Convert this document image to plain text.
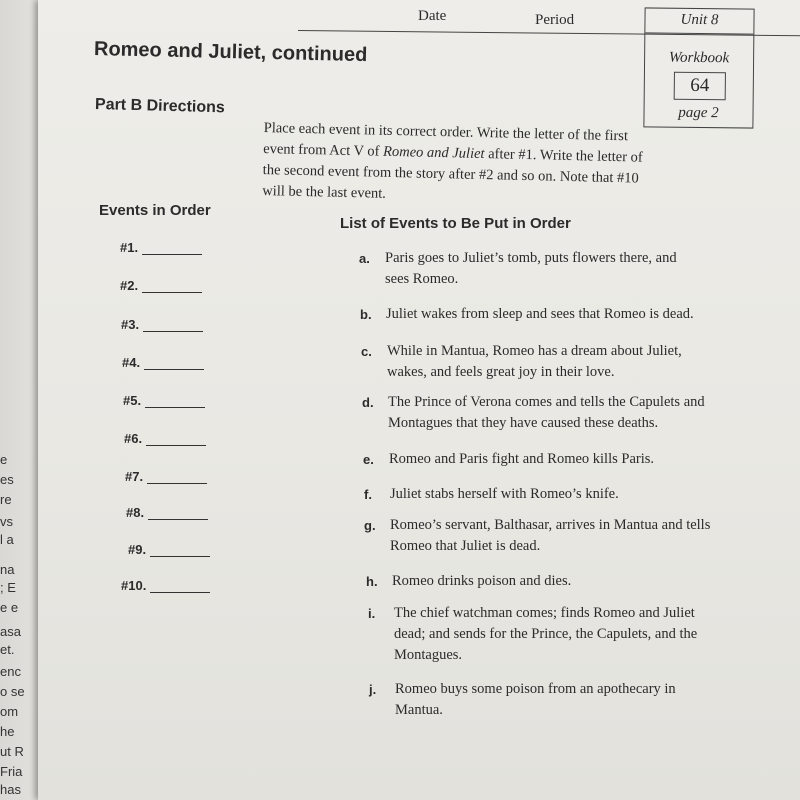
e
es
re
vs
l a
na
; E
e e
asa
et.
enc
o se
om
he
ut R
Fria
has
Date	Period	Unit 8
Workbook
64
page 2
Romeo and Juliet, continued
Part B Directions
Place each event in its correct order. Write the letter of the first event from Act V of Romeo and Juliet after #1. Write the letter of the second event from the story after #2 and so on. Note that #10 will be the last event.
Events in Order
#1.
#2.
#3.
#4.
#5.
#6.
#7.
#8.
#9.
#10.
List of Events to Be Put in Order
a.	Paris goes to Juliet’s tomb, puts flowers there, and sees Romeo.
b. Juliet wakes from sleep and sees that Romeo is dead.
c.	While in Mantua, Romeo has a dream about Juliet, wakes, and feels great joy in their love.
d. The Prince of Verona comes and tells the Capulets and Montagues that they have caused these deaths.
e.	Romeo and Paris fight and Romeo kills Paris.
f.	Juliet stabs herself with Romeo’s knife.
g. Romeo’s servant, Balthasar, arrives in Mantua and tells Romeo that Juliet is dead.
h. Romeo drinks poison and dies.
i.	The chief watchman comes; finds Romeo and Juliet dead; and sends for the Prince, the Capulets, and the Montagues.
j.	Romeo buys some poison from an apothecary in Mantua.
